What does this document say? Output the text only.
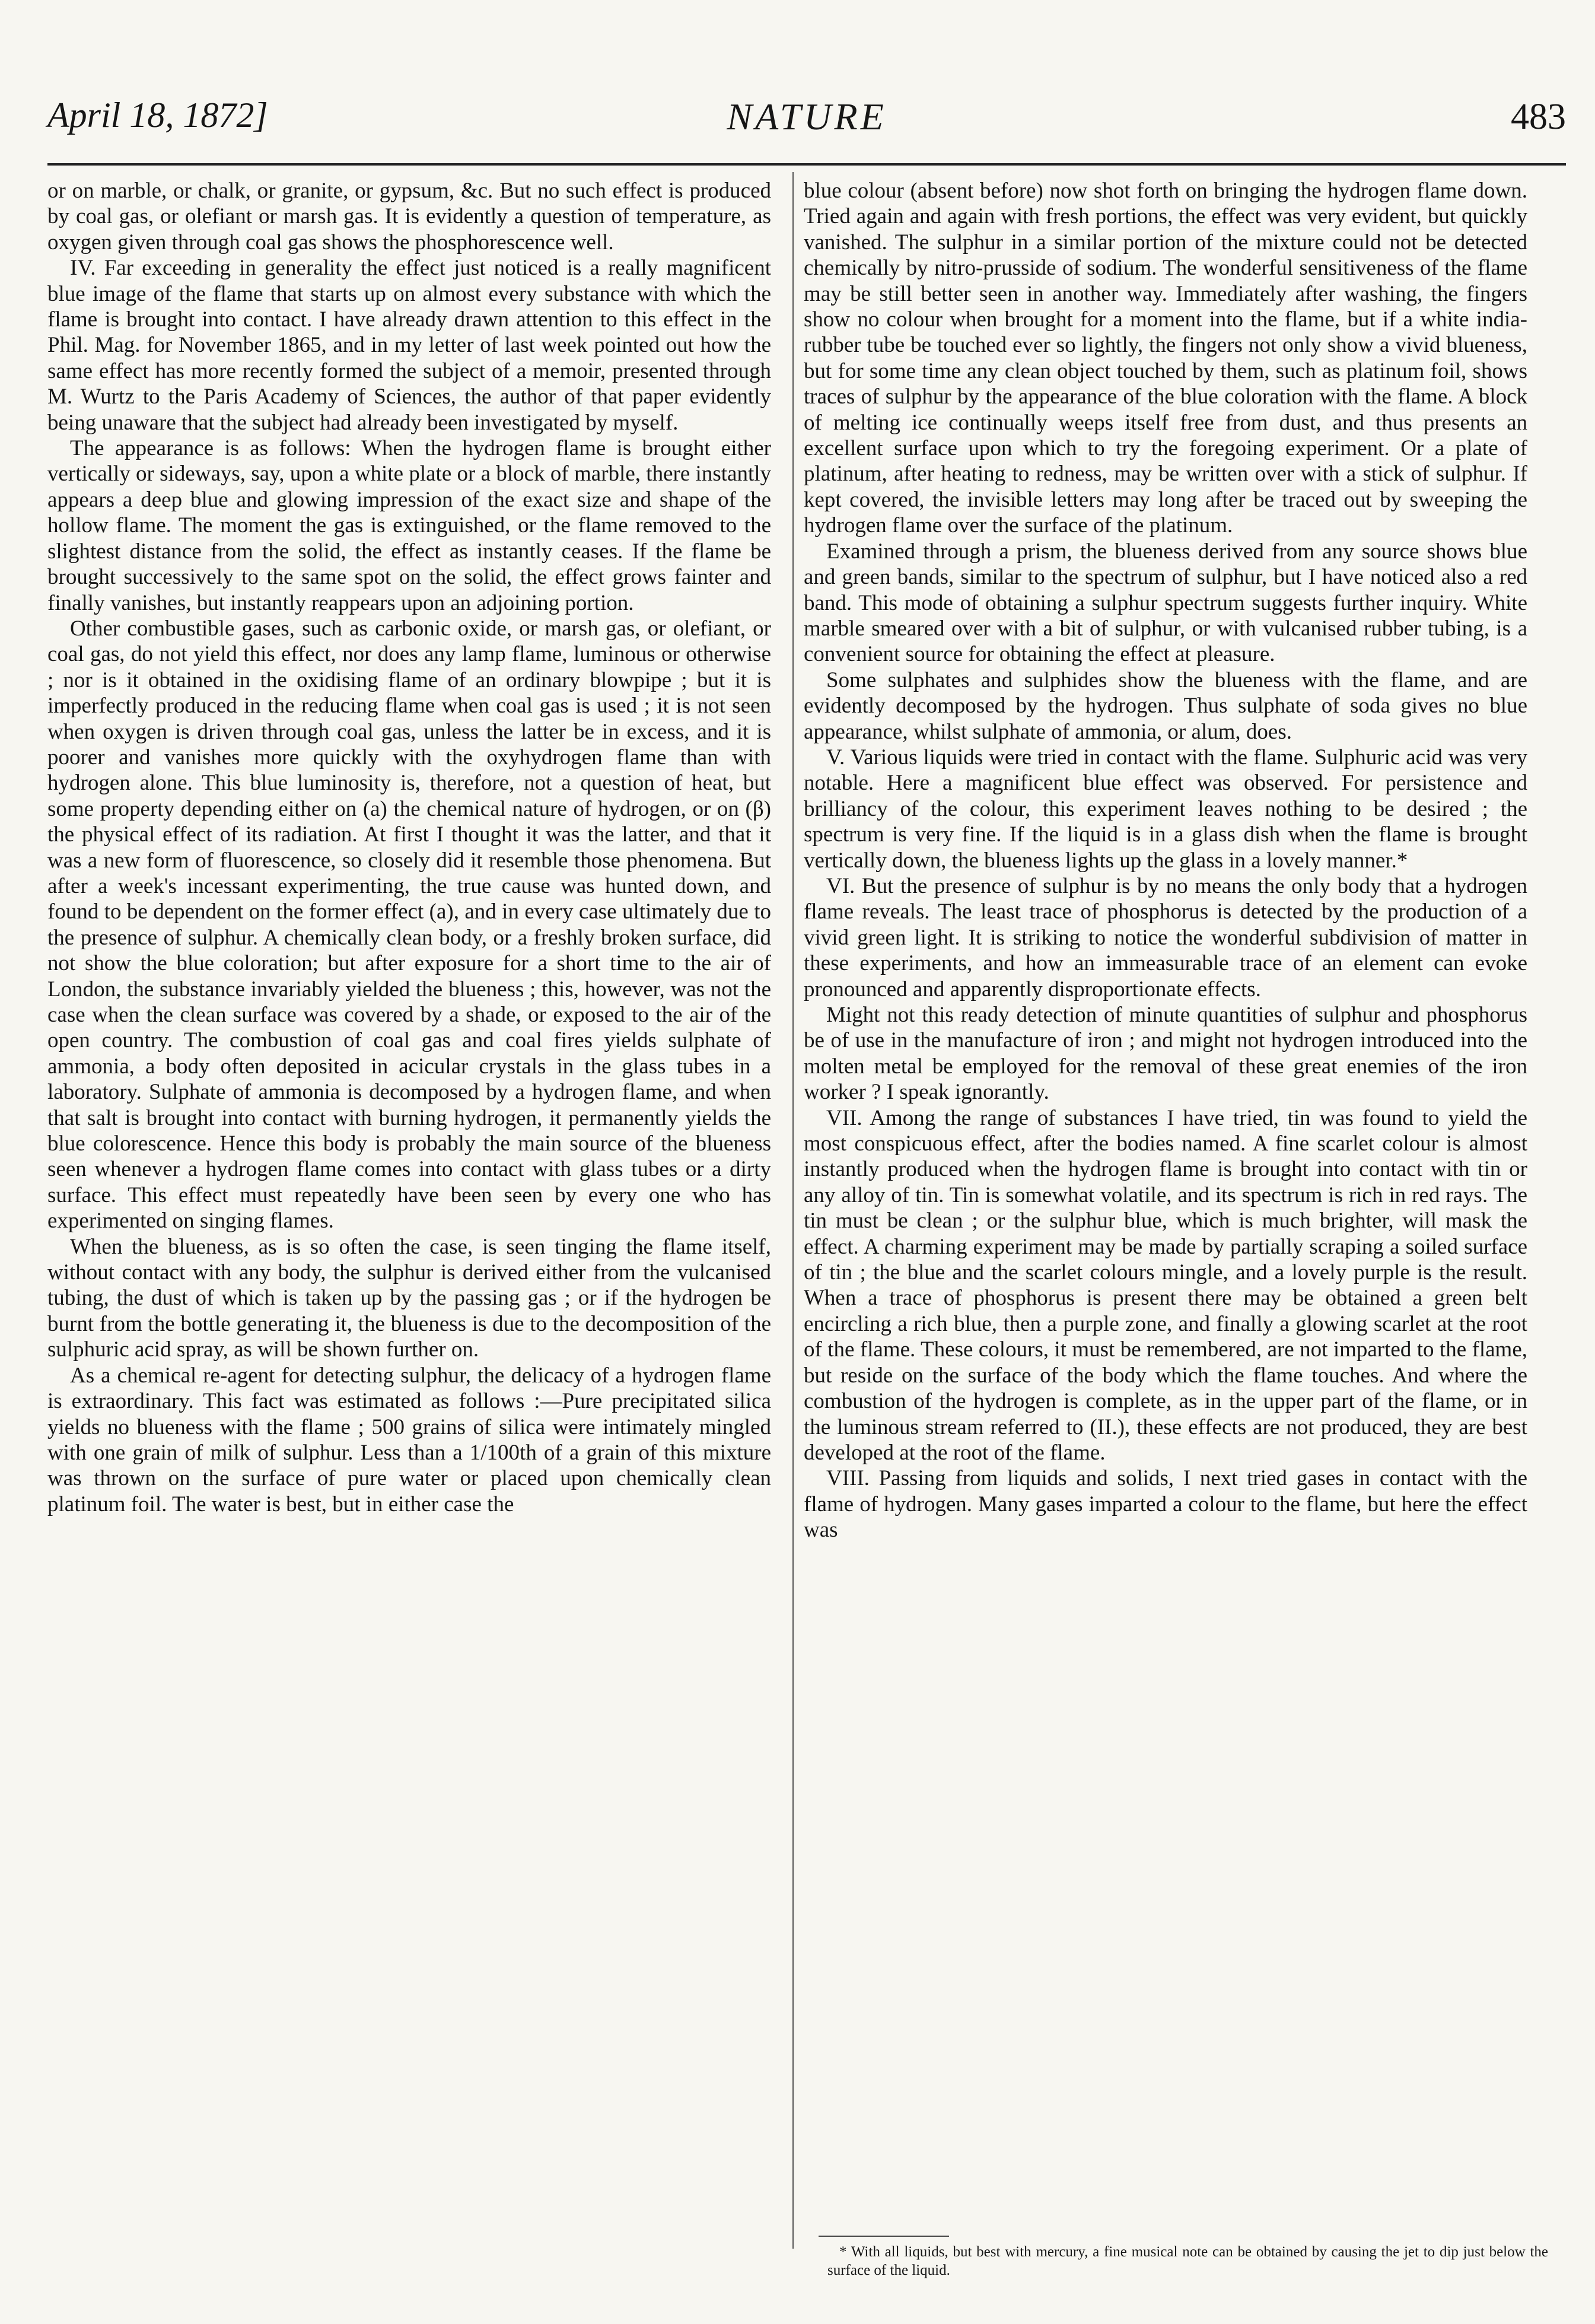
April 18, 1872]	NATURE	483

or on marble, or chalk, or granite, or gypsum, &c. But no such effect is produced by coal gas, or olefiant or marsh gas. It is evidently a question of temperature, as oxygen given through coal gas shows the phosphorescence well.

IV. Far exceeding in generality the effect just noticed is a really magnificent blue image of the flame that starts up on almost every substance with which the flame is brought into contact. I have already drawn attention to this effect in the Phil. Mag. for November 1865, and in my letter of last week pointed out how the same effect has more recently formed the subject of a memoir, presented through M. Wurtz to the Paris Academy of Sciences, the author of that paper evidently being unaware that the subject had already been investigated by myself.

The appearance is as follows: When the hydrogen flame is brought either vertically or sideways, say, upon a white plate or a block of marble, there instantly appears a deep blue and glowing impression of the exact size and shape of the hollow flame. The moment the gas is extinguished, or the flame removed to the slightest distance from the solid, the effect as instantly ceases. If the flame be brought successively to the same spot on the solid, the effect grows fainter and finally vanishes, but instantly reappears upon an adjoining portion.

Other combustible gases, such as carbonic oxide, or marsh gas, or olefiant, or coal gas, do not yield this effect, nor does any lamp flame, luminous or otherwise ; nor is it obtained in the oxidising flame of an ordinary blowpipe ; but it is imperfectly produced in the reducing flame when coal gas is used ; it is not seen when oxygen is driven through coal gas, unless the latter be in excess, and it is poorer and vanishes more quickly with the oxyhydrogen flame than with hydrogen alone. This blue luminosity is, therefore, not a question of heat, but some property depending either on (a) the chemical nature of hydrogen, or on (β) the physical effect of its radiation. At first I thought it was the latter, and that it was a new form of fluorescence, so closely did it resemble those phenomena. But after a week's incessant experimenting, the true cause was hunted down, and found to be dependent on the former effect (a), and in every case ultimately due to the presence of sulphur. A chemically clean body, or a freshly broken surface, did not show the blue coloration; but after exposure for a short time to the air of London, the substance invariably yielded the blueness ; this, however, was not the case when the clean surface was covered by a shade, or exposed to the air of the open country. The combustion of coal gas and coal fires yields sulphate of ammonia, a body often deposited in acicular crystals in the glass tubes in a laboratory. Sulphate of ammonia is decomposed by a hydrogen flame, and when that salt is brought into contact with burning hydrogen, it permanently yields the blue colorescence. Hence this body is probably the main source of the blueness seen whenever a hydrogen flame comes into contact with glass tubes or a dirty surface. This effect must repeatedly have been seen by every one who has experimented on singing flames.

When the blueness, as is so often the case, is seen tinging the flame itself, without contact with any body, the sulphur is derived either from the vulcanised tubing, the dust of which is taken up by the passing gas ; or if the hydrogen be burnt from the bottle generating it, the blueness is due to the decomposition of the sulphuric acid spray, as will be shown further on.

As a chemical re-agent for detecting sulphur, the delicacy of a hydrogen flame is extraordinary. This fact was estimated as follows :—Pure precipitated silica yields no blueness with the flame ; 500 grains of silica were intimately mingled with one grain of milk of sulphur. Less than a 1/100th of a grain of this mixture was thrown on the surface of pure water or placed upon chemically clean platinum foil. The water is best, but in either case the

blue colour (absent before) now shot forth on bringing the hydrogen flame down. Tried again and again with fresh portions, the effect was very evident, but quickly vanished. The sulphur in a similar portion of the mixture could not be detected chemically by nitro-prusside of sodium. The wonderful sensitiveness of the flame may be still better seen in another way. Immediately after washing, the fingers show no colour when brought for a moment into the flame, but if a white india-rubber tube be touched ever so lightly, the fingers not only show a vivid blueness, but for some time any clean object touched by them, such as platinum foil, shows traces of sulphur by the appearance of the blue coloration with the flame. A block of melting ice continually weeps itself free from dust, and thus presents an excellent surface upon which to try the foregoing experiment. Or a plate of platinum, after heating to redness, may be written over with a stick of sulphur. If kept covered, the invisible letters may long after be traced out by sweeping the hydrogen flame over the surface of the platinum.

Examined through a prism, the blueness derived from any source shows blue and green bands, similar to the spectrum of sulphur, but I have noticed also a red band. This mode of obtaining a sulphur spectrum suggests further inquiry. White marble smeared over with a bit of sulphur, or with vulcanised rubber tubing, is a convenient source for obtaining the effect at pleasure.

Some sulphates and sulphides show the blueness with the flame, and are evidently decomposed by the hydrogen. Thus sulphate of soda gives no blue appearance, whilst sulphate of ammonia, or alum, does.

V. Various liquids were tried in contact with the flame. Sulphuric acid was very notable. Here a magnificent blue effect was observed. For persistence and brilliancy of the colour, this experiment leaves nothing to be desired ; the spectrum is very fine. If the liquid is in a glass dish when the flame is brought vertically down, the blueness lights up the glass in a lovely manner.*

VI. But the presence of sulphur is by no means the only body that a hydrogen flame reveals. The least trace of phosphorus is detected by the production of a vivid green light. It is striking to notice the wonderful subdivision of matter in these experiments, and how an immeasurable trace of an element can evoke pronounced and apparently disproportionate effects.

Might not this ready detection of minute quantities of sulphur and phosphorus be of use in the manufacture of iron ; and might not hydrogen introduced into the molten metal be employed for the removal of these great enemies of the iron worker ? I speak ignorantly.

VII. Among the range of substances I have tried, tin was found to yield the most conspicuous effect, after the bodies named. A fine scarlet colour is almost instantly produced when the hydrogen flame is brought into contact with tin or any alloy of tin. Tin is somewhat volatile, and its spectrum is rich in red rays. The tin must be clean ; or the sulphur blue, which is much brighter, will mask the effect. A charming experiment may be made by partially scraping a soiled surface of tin ; the blue and the scarlet colours mingle, and a lovely purple is the result. When a trace of phosphorus is present there may be obtained a green belt encircling a rich blue, then a purple zone, and finally a glowing scarlet at the root of the flame. These colours, it must be remembered, are not imparted to the flame, but reside on the surface of the body which the flame touches. And where the combustion of the hydrogen is complete, as in the upper part of the flame, or in the luminous stream referred to (II.), these effects are not produced, they are best developed at the root of the flame.

VIII. Passing from liquids and solids, I next tried gases in contact with the flame of hydrogen. Many gases imparted a colour to the flame, but here the effect was

* With all liquids, but best with mercury, a fine musical note can be obtained by causing the jet to dip just below the surface of the liquid.
